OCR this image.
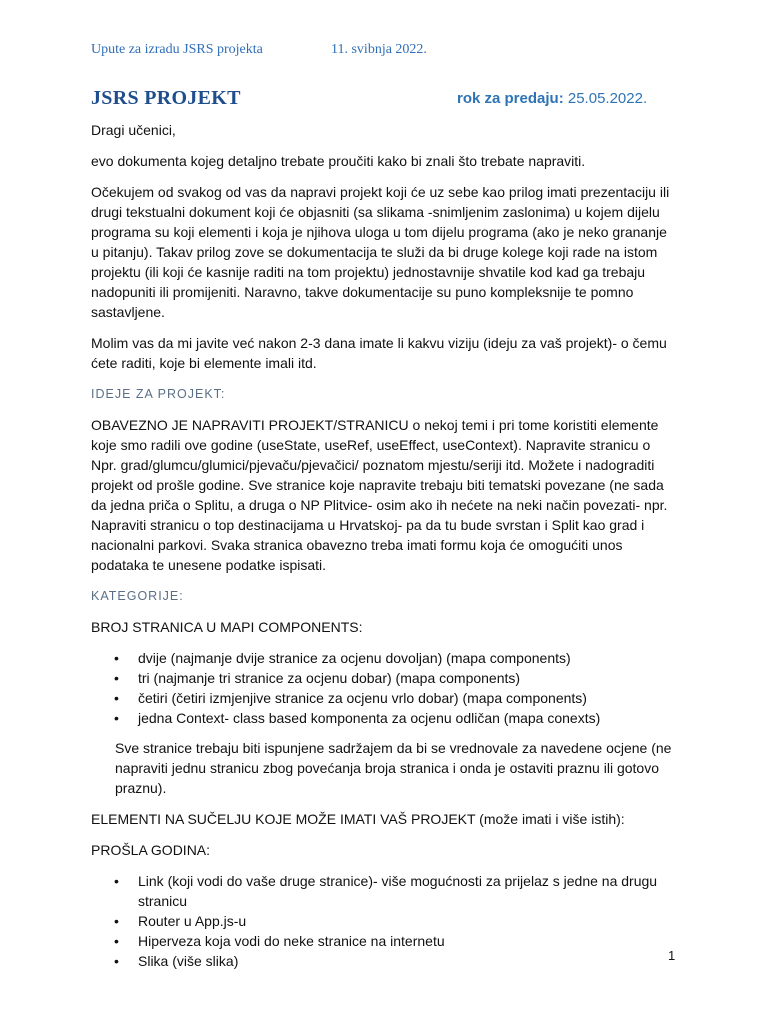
Upute za izradu JSRS projekta	11. svibnja 2022.
JSRS PROJEKT	rok za predaju: 25.05.2022.

Dragi učenici,

evo dokumenta kojeg detaljno trebate proučiti kako bi znali što trebate napraviti.

Očekujem od svakog od vas da napravi projekt koji će uz sebe kao prilog imati prezentaciju ili drugi tekstualni dokument koji će objasniti (sa slikama -snimljenim zaslonima) u kojem dijelu programa su koji elementi i koja je njihova uloga u tom dijelu programa (ako je neko grananje u pitanju). Takav prilog zove se dokumentacija te služi da bi druge kolege koji rade na istom projektu (ili koji će kasnije raditi na tom projektu) jednostavnije shvatile kod kad ga trebaju nadopuniti ili promijeniti. Naravno, takve dokumentacije su puno kompleksnije te pomno sastavljene.

Molim vas da mi javite već nakon 2-3 dana imate li kakvu viziju (ideju za vaš projekt)- o čemu ćete raditi, koje bi elemente imali itd.

IDEJE ZA PROJEKT:

OBAVEZNO JE NAPRAVITI PROJEKT/STRANICU o nekoj temi i pri tome koristiti elemente koje smo radili ove godine (useState, useRef, useEffect, useContext). Napravite stranicu o Npr. grad/glumcu/glumici/pjevaču/pjevačici/ poznatom mjestu/seriji itd. Možete i nadograditi projekt od prošle godine. Sve stranice koje napravite trebaju biti tematski povezane (ne sada da jedna priča o Splitu, a druga o NP Plitvice- osim ako ih nećete na neki način povezati- npr. Napraviti stranicu o top destinacijama u Hrvatskoj- pa da tu bude svrstan i Split kao grad i nacionalni parkovi. Svaka stranica obavezno treba imati formu koja će omogućiti unos podataka te unesene podatke ispisati.

KATEGORIJE:

BROJ STRANICA U MAPI COMPONENTS:

• dvije (najmanje dvije stranice za ocjenu dovoljan) (mapa components)
• tri (najmanje tri stranice za ocjenu dobar) (mapa components)
• četiri (četiri izmjenjive stranice za ocjenu vrlo dobar) (mapa components)
• jedna Context- class based komponenta za ocjenu odličan (mapa conexts)

Sve stranice trebaju biti ispunjene sadržajem da bi se vrednovale za navedene ocjene (ne napraviti jednu stranicu zbog povećanja broja stranica i onda je ostaviti praznu ili gotovo praznu).

ELEMENTI NA SUČELJU KOJE MOŽE IMATI VAŠ PROJEKT (može imati i više istih):

PROŠLA GODINA:

• Link (koji vodi do vaše druge stranice)- više mogućnosti za prijelaz s jedne na drugu stranicu
• Router u App.js-u
• Hiperveza koja vodi do neke stranice na internetu
• Slika (više slika)	1
